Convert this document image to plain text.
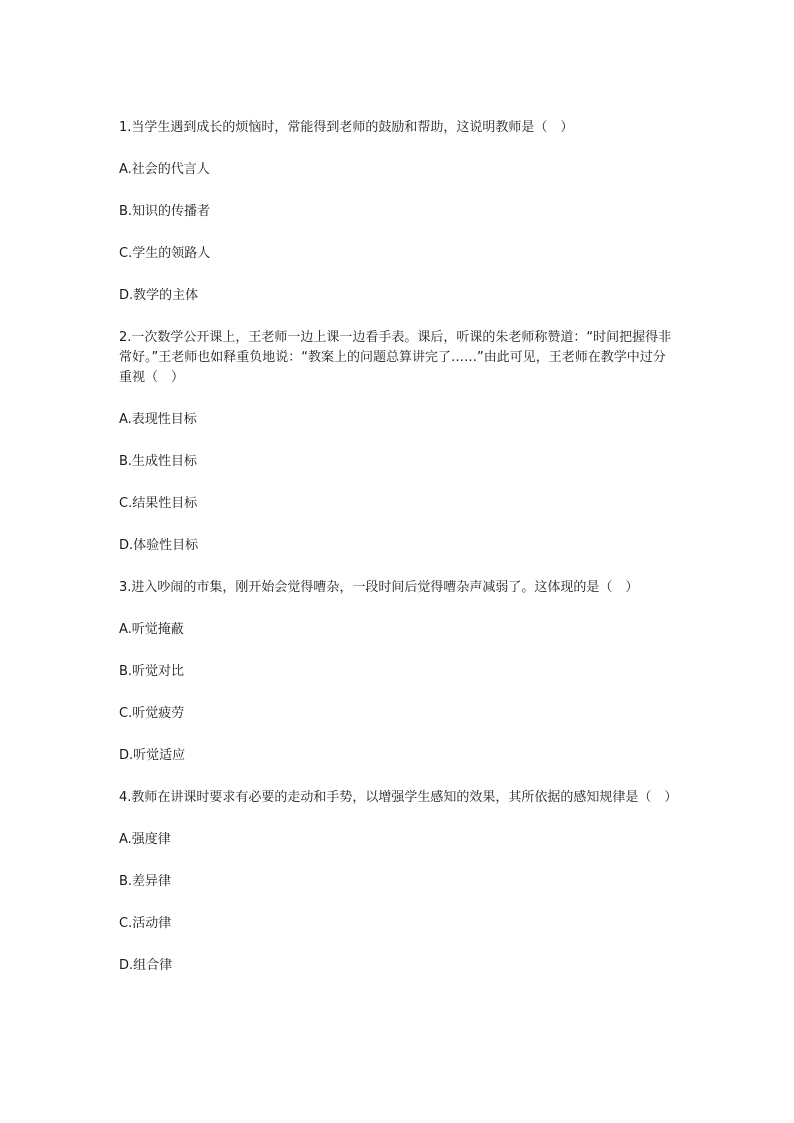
1.当学生遇到成长的烦恼时，常能得到老师的鼓励和帮助，这说明教师是（　）

A.社会的代言人

B.知识的传播者

C.学生的领路人

D.教学的主体

2.一次数学公开课上，王老师一边上课一边看手表。课后，听课的朱老师称赞道：“时间把握得非常好。”王老师也如释重负地说：“教案上的问题总算讲完了……”由此可见，王老师在教学中过分重视（　）

A.表现性目标

B.生成性目标

C.结果性目标

D.体验性目标

3.进入吵闹的市集，刚开始会觉得嘈杂，一段时间后觉得嘈杂声减弱了。这体现的是（　）

A.听觉掩蔽

B.听觉对比

C.听觉疲劳

D.听觉适应

4.教师在讲课时要求有必要的走动和手势，以增强学生感知的效果，其所依据的感知规律是（　）

A.强度律

B.差异律

C.活动律

D.组合律
